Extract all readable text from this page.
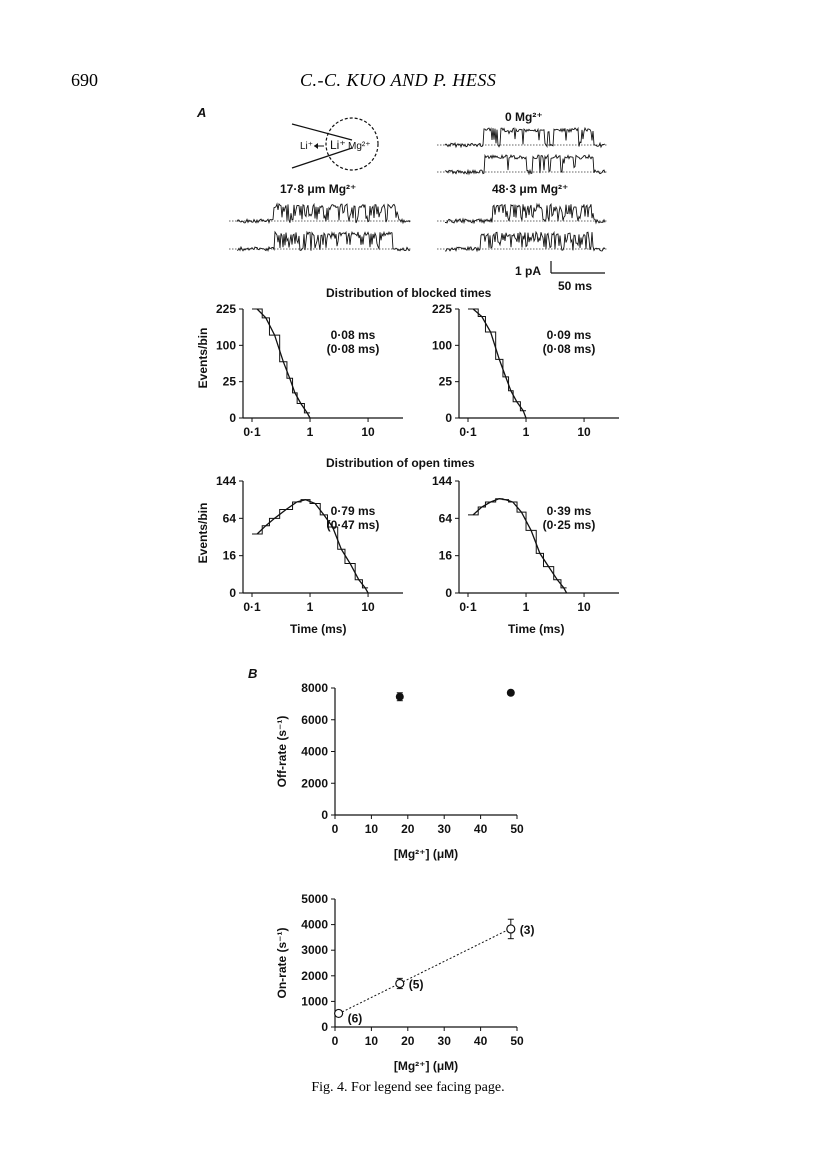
690	C.-C. KUO AND P. HESS
A
Li⁺ Li⁺ Mg²⁺
0 Mg²⁺
17·8 μm Mg²⁺	48·3 μm Mg²⁺
1 pA
50 ms
Distribution of blocked times
Distribution of open times
0
25
100
225
0·1	1	10
0·08 ms
(0·08 ms)
0
25
100
225
0·1	1	10
0·09 ms
(0·08 ms)
0
16
64
144
0·1	1	10
0·79 ms
(0·47 ms)
0
16
64
144
0·1	1	10
0·39 ms
(0·25 ms)
Events/bin
Events/bin
Time (ms)	Time (ms)
B
0
2000
4000
6000
8000
0 10 20 30 40 50
Off-rate (s⁻¹)
[Mg²⁺] (μM)
0
1000
2000
3000
4000
5000
0 10 20 30 40 50
On-rate (s⁻¹)
[Mg²⁺] (μM)
(6)
(5)
(3)
Fig. 4. For legend see facing page.
